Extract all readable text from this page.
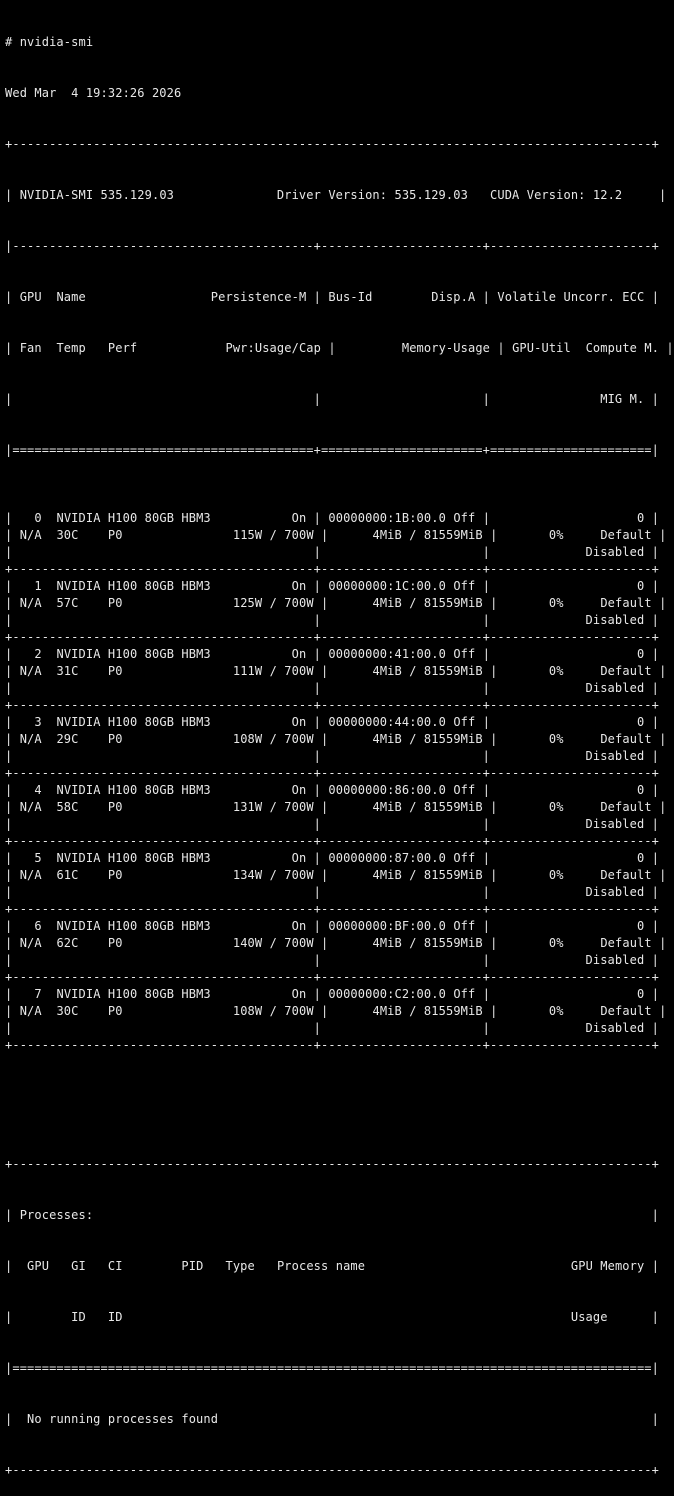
# nvidia-smi

Wed Mar  4 19:32:26 2026

+---------------------------------------------------------------------------------------+

| NVIDIA-SMI 535.129.03              Driver Version: 535.129.03   CUDA Version: 12.2     |

|-----------------------------------------+----------------------+----------------------+

| GPU  Name	Persistence-M | Bus-Id	Disp.A | Volatile Uncorr. ECC |

| Fan  Temp   Perf	Pwr:Usage/Cap |         Memory-Usage | GPU-Util Compute M. |

|                                         |                      |               MIG M. |

|=========================================+======================+======================|

| 0 NVIDIA H100 80GB HBM3	On | 00000000:1B:00.0 Off |	0 |
| N/A 30C P0	115W / 700W |	4MiB / 81559MiB |	0%	Default |
|                                         |                      |	Disabled |
+-----------------------------------------+----------------------+----------------------+
| 1 NVIDIA H100 80GB HBM3	On | 00000000:1C:00.0 Off |	0 |
| N/A 57C P0	125W / 700W |	4MiB / 81559MiB |	0%	Default |
|                                         |                      |	Disabled |
+-----------------------------------------+----------------------+----------------------+
| 2 NVIDIA H100 80GB HBM3	On | 00000000:41:00.0 Off |	0 |
| N/A 31C P0	111W / 700W |	4MiB / 81559MiB |	0%	Default |
|                                         |                      |	Disabled |
+-----------------------------------------+----------------------+----------------------+
| 3 NVIDIA H100 80GB HBM3	On | 00000000:44:00.0 Off |	0 |
| N/A 29C P0	108W / 700W |	4MiB / 81559MiB |	0%	Default |
|                                         |                      |	Disabled |
+-----------------------------------------+----------------------+----------------------+
| 4 NVIDIA H100 80GB HBM3	On | 00000000:86:00.0 Off |	0 |
| N/A 58C P0	131W / 700W |	4MiB / 81559MiB |	0%	Default |
|                                         |                      |	Disabled |
+-----------------------------------------+----------------------+----------------------+
| 5 NVIDIA H100 80GB HBM3	On | 00000000:87:00.0 Off |	0 |
| N/A 61C P0	134W / 700W |	4MiB / 81559MiB |	0%	Default |
|                                         |                      |	Disabled |
+-----------------------------------------+----------------------+----------------------+
| 6 NVIDIA H100 80GB HBM3	On | 00000000:BF:00.0 Off |	0 |
| N/A 62C P0	140W / 700W |	4MiB / 81559MiB |	0%	Default |
|                                         |                      |	Disabled |
+-----------------------------------------+----------------------+----------------------+
| 7 NVIDIA H100 80GB HBM3	On | 00000000:C2:00.0 Off |	0 |
| N/A 30C P0	108W / 700W |	4MiB / 81559MiB |	0%	Default |
|                                         |                      |	Disabled |
+-----------------------------------------+----------------------+----------------------+

+---------------------------------------------------------------------------------------+

| Processes:                                                                            |

|  GPU GI CI	PID Type Process name	GPU Memory |

|        ID ID	Usage      |

|=======================================================================================|

|  No running processes found                                                           |

+---------------------------------------------------------------------------------------+
